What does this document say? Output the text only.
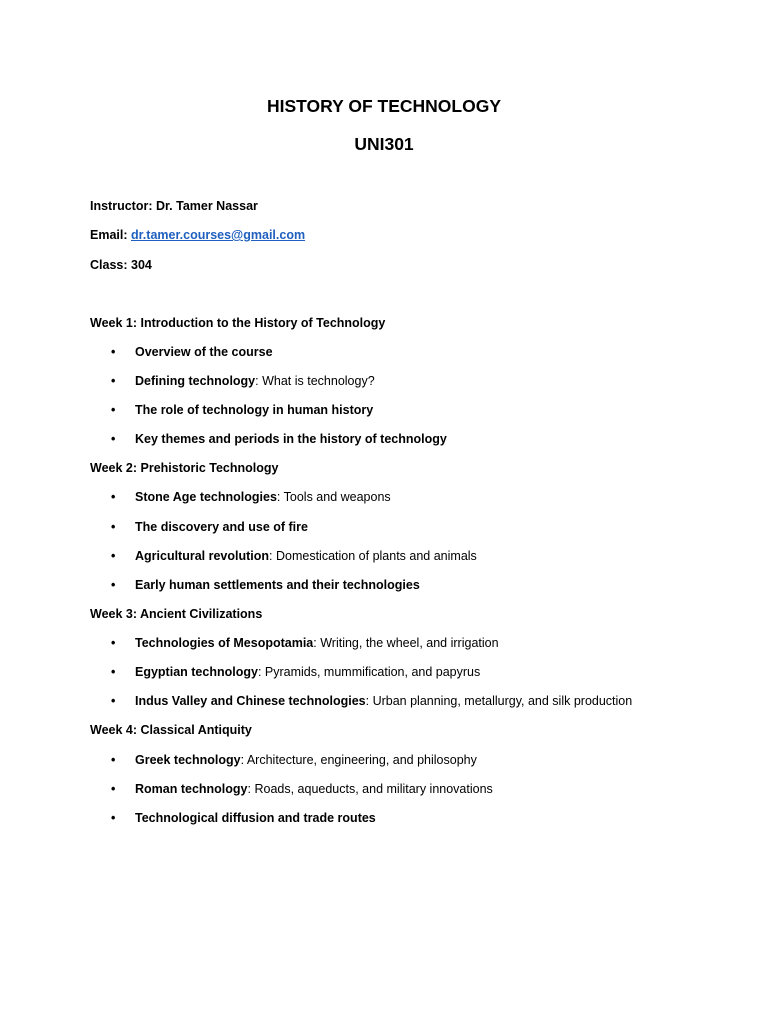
HISTORY OF TECHNOLOGY
UNI301

Instructor: Dr. Tamer Nassar

Email: dr.tamer.courses@gmail.com

Class: 304

Week 1: Introduction to the History of Technology

• Overview of the course

• Defining technology: What is technology?

• The role of technology in human history

• Key themes and periods in the history of technology

Week 2: Prehistoric Technology

• Stone Age technologies: Tools and weapons

• The discovery and use of fire

• Agricultural revolution: Domestication of plants and animals

• Early human settlements and their technologies

Week 3: Ancient Civilizations

• Technologies of Mesopotamia: Writing, the wheel, and irrigation

• Egyptian technology: Pyramids, mummification, and papyrus

• Indus Valley and Chinese technologies: Urban planning, metallurgy, and silk production

Week 4: Classical Antiquity

• Greek technology: Architecture, engineering, and philosophy

• Roman technology: Roads, aqueducts, and military innovations

• Technological diffusion and trade routes
